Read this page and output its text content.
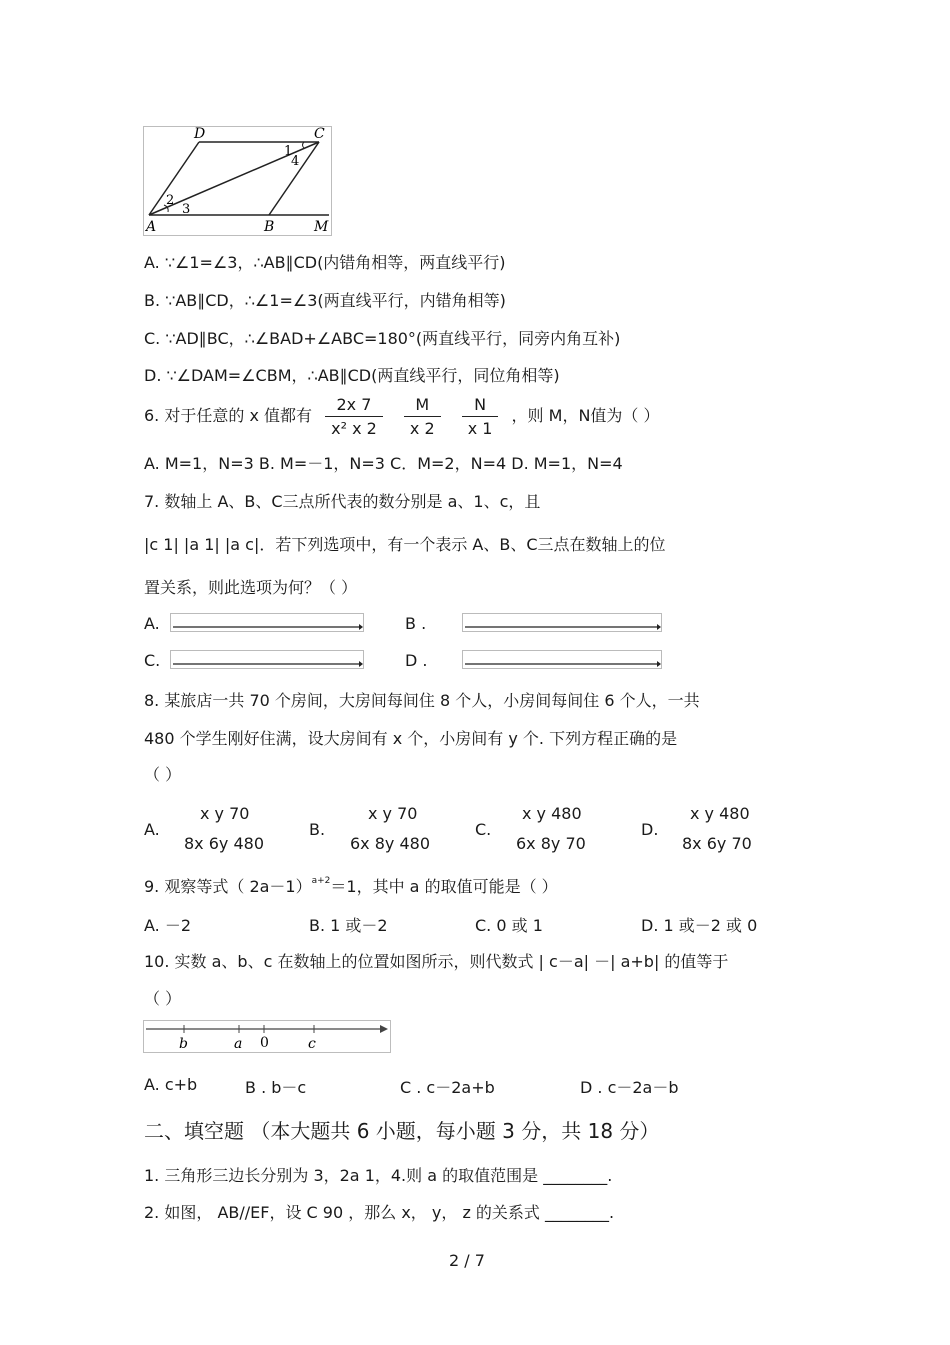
D	C
A	B	M
1
2
3
4
A. ∵∠1=∠3，∴AB∥CD(内错角相等，两直线平行)
B. ∵AB∥CD，∴∠1=∠3(两直线平行，内错角相等)
C. ∵AD∥BC，∴∠BAD+∠ABC=180°(两直线平行，同旁内角互补)
D. ∵∠DAM=∠CBM，∴AB∥CD(两直线平行，同位角相等)
6. 对于任意的 x 值都有 $\frac{2x 7}{\text{x² x 2}}$
$\frac{M}{x 2}$
$\frac{N}{x 1}$ ，则 M，N值为（ ）
A. M=1，N=3 B. M=－1，N=3 C．M=2，N=4 D. M=1，N=4
7. 数轴上 A、B、C三点所代表的数分别是 a、1、c，且
|c 1| |a 1| |a c|．若下列选项中，有一个表示 A、B、C三点在数轴上的位
置关系，则此选项为何？（ ）
A.	B .
C.	D .
8. 某旅店一共 70 个房间，大房间每间住 8 个人，小房间每间住 6 个人，一共
480 个学生刚好住满，设大房间有 x 个，小房间有 y 个. 下列方程正确的是
（ ）
A.
x y 70
8x 6y 480
B.
x y 70
6x 8y 480
C.
x y 480
6x 8y 70
D.
x y 480
8x 6y 70
9. 观察等式（ 2a－1）$^{a+2}$＝1，其中 a 的取值可能是（ ）
A. －2	B. 1 或－2	C. 0 或 1	D. 1 或－2 或 0
10. 实数 a、b、c 在数轴上的位置如图所示，则代数式 | c－a| －| a+b| 的值等于
（ ）
b	a 0	c
A. c+b	B . b－c	C . c－2a+b	D . c－2a－b
二、填空题 （本大题共 6 小题，每小题 3 分，共 18 分）
1. 三角形三边长分别为 3，2a 1，4.则 a 的取值范围是 ________.
2. 如图， AB//EF，设 C 90 ，那么 x， y， z 的关系式 ________.
2 / 7
